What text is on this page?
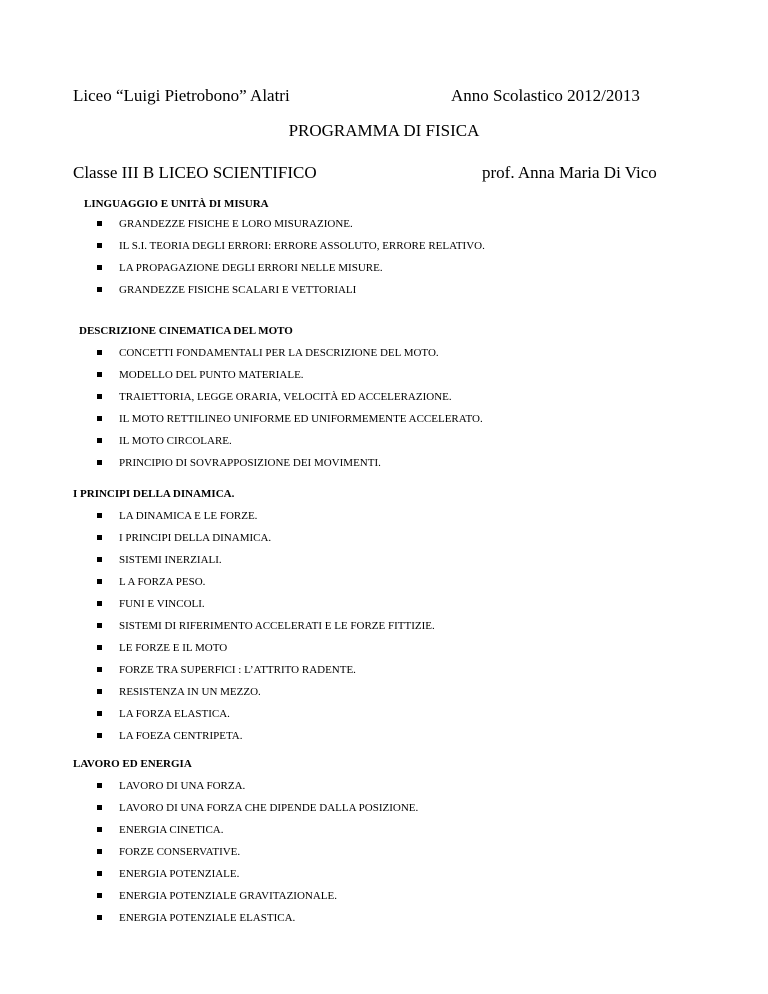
Liceo “Luigi Pietrobono” Alatri	Anno Scolastico 2012/2013
PROGRAMMA DI FISICA
Classe III B LICEO SCIENTIFICO	prof. Anna Maria Di Vico
LINGUAGGIO E UNITÀ DI MISURA
GRANDEZZE FISICHE E LORO MISURAZIONE.
IL S.I. TEORIA DEGLI ERRORI: ERRORE ASSOLUTO, ERRORE RELATIVO.
LA PROPAGAZIONE DEGLI ERRORI NELLE MISURE.
GRANDEZZE FISICHE SCALARI E VETTORIALI
DESCRIZIONE CINEMATICA DEL MOTO
CONCETTI FONDAMENTALI PER LA DESCRIZIONE DEL MOTO.
MODELLO DEL PUNTO MATERIALE.
TRAIETTORIA, LEGGE ORARIA, VELOCITÀ ED ACCELERAZIONE.
IL MOTO RETTILINEO UNIFORME ED UNIFORMEMENTE ACCELERATO.
IL MOTO CIRCOLARE.
PRINCIPIO DI SOVRAPPOSIZIONE DEI MOVIMENTI.
I PRINCIPI DELLA DINAMICA.
LA DINAMICA E LE FORZE.
I PRINCIPI DELLA DINAMICA.
SISTEMI INERZIALI.
L A FORZA PESO.
FUNI E VINCOLI.
SISTEMI DI RIFERIMENTO ACCELERATI E LE FORZE FITTIZIE.
LE FORZE E IL MOTO
FORZE TRA SUPERFICI : L’ATTRITO RADENTE.
RESISTENZA IN UN MEZZO.
LA FORZA ELASTICA.
LA FOEZA CENTRIPETA.
LAVORO ED ENERGIA
LAVORO DI UNA FORZA.
LAVORO DI UNA FORZA CHE DIPENDE DALLA POSIZIONE.
ENERGIA CINETICA.
FORZE CONSERVATIVE.
ENERGIA POTENZIALE.
ENERGIA POTENZIALE GRAVITAZIONALE.
ENERGIA POTENZIALE ELASTICA.
